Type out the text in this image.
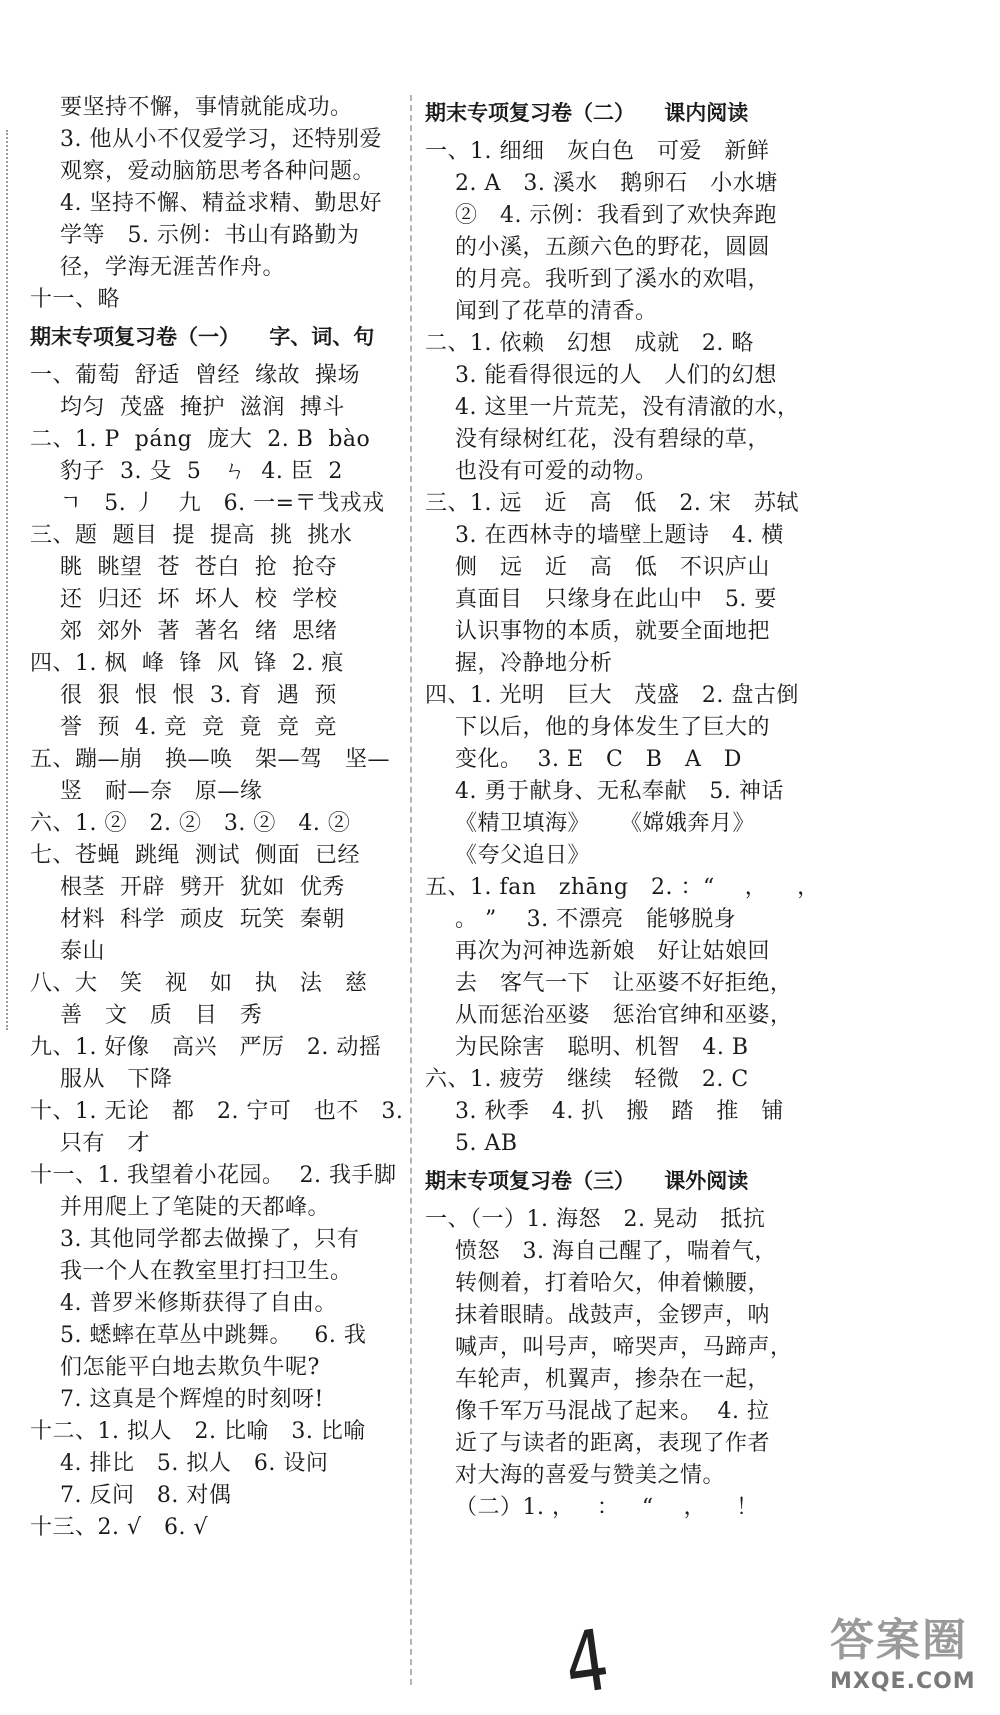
要坚持不懈，事情就能成功。
3. 他从小不仅爱学习，还特别爱
观察，爱动脑筋思考各种问题。
4. 坚持不懈、精益求精、勤思好
学等   5. 示例：书山有路勤为
径，学海无涯苦作舟。
十一、略
期末专项复习卷（一）    字、词、句
一、葡萄  舒适  曾经  缘故  操场
均匀  茂盛  掩护  滋润  搏斗
二、1. P  páng  庞大  2. B  bào
豹子  3. 殳  5   ㄣ  4. 臣  2
ㄱ   5. 丿   九   6. 一=〒𢦏戎戎
三、题  题目  提  提高  挑  挑水
眺  眺望  苍  苍白  抢  抢夺
还  归还  坏  坏人  校  学校
郊  郊外  著  著名  绪  思绪
四、1. 枫  峰  锋  风  锋  2. 痕
很  狠  恨  恨  3. 育  遇  预
誉  预  4. 竞  竞  竟  竞  竞
五、蹦—崩   换—唤   架—驾   坚—
竖   耐—奈   原—缘
六、1. ②   2. ②   3. ②   4. ②
七、苍蝇  跳绳  测试  侧面  已经
根茎  开辟  劈开  犹如  优秀
材料  科学  顽皮  玩笑  秦朝
泰山
八、大   笑   视   如   执   法   慈
善   文   质   目   秀
九、1. 好像   高兴   严厉   2. 动摇
服从   下降
十、1. 无论   都   2. 宁可   也不   3.
只有   才
十一、1. 我望着小花园。  2. 我手脚
并用爬上了笔陡的天都峰。
3. 其他同学都去做操了，只有
我一个人在教室里打扫卫生。
4. 普罗米修斯获得了自由。
5. 蟋蟀在草丛中跳舞。   6. 我
们怎能平白地去欺负牛呢?
7. 这真是个辉煌的时刻呀!
十二、1. 拟人   2. 比喻   3. 比喻
4. 排比   5. 拟人   6. 设问
7. 反问   8. 对偶
十三、2. √   6. √
期末专项复习卷（二）    课内阅读
一、1. 细细   灰白色   可爱   新鲜
2. A   3. 溪水   鹅卵石   小水塘
②   4. 示例：我看到了欢快奔跑
的小溪，五颜六色的野花，圆圆
的月亮。我听到了溪水的欢唱，
闻到了花草的清香。
二、1. 依赖   幻想   成就   2. 略
3. 能看得很远的人   人们的幻想
4. 这里一片荒芜，没有清澈的水，
没有绿树红花，没有碧绿的草，
也没有可爱的动物。
三、1. 远   近   高   低   2. 宋   苏轼
3. 在西林寺的墙壁上题诗   4. 横
侧   远   近   高   低   不识庐山
真面目   只缘身在此山中   5. 要
认识事物的本质，就要全面地把
握，冷静地分析
四、1. 光明   巨大   茂盛   2. 盘古倒
下以后，他的身体发生了巨大的
变化。  3. E   C   B   A   D
4. 勇于献身、无私奉献   5. 神话
《精卫填海》    《嫦娥奔月》
《夸父追日》
五、1. fan   zhāng   2. ：“    ，    ，
。 ”    3. 不漂亮   能够脱身
再次为河神选新娘   好让姑娘回
去   客气一下   让巫婆不好拒绝，
从而惩治巫婆   惩治官绅和巫婆，
为民除害   聪明、机智   4. B
六、1. 疲劳   继续   轻微   2. C
3. 秋季   4. 扒   搬   踏   推   铺
5. AB
期末专项复习卷（三）    课外阅读
一、（一）1. 海怒   2. 晃动   抵抗
愤怒   3. 海自己醒了，喘着气，
转侧着，打着哈欠，伸着懒腰，
抹着眼睛。战鼓声，金锣声，呐
喊声，叫号声，啼哭声，马蹄声，
车轮声，机翼声，掺杂在一起，
像千军万马混战了起来。  4. 拉
近了与读者的距离，表现了作者
对大海的喜爱与赞美之情。
（二）1. ，   ：   “    ，    ！
4	答案圈
MXQE.COM
